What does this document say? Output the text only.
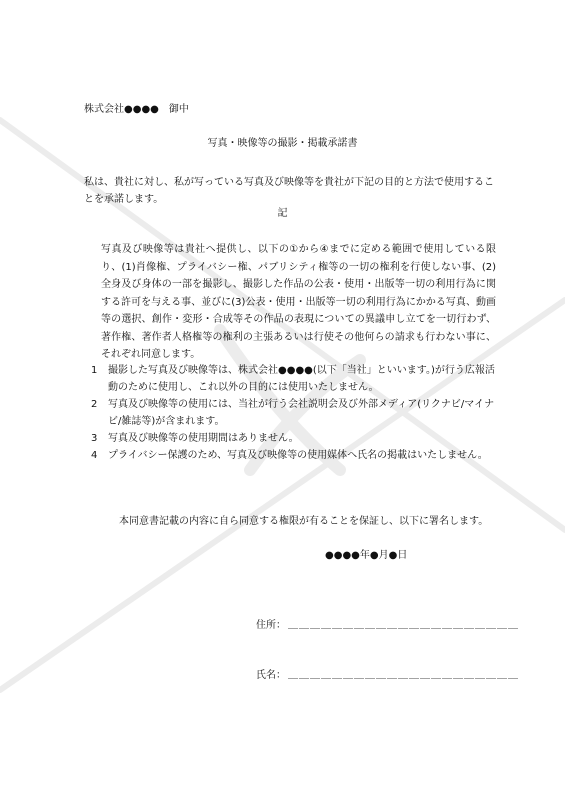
株式会社●●●●　御中
写真・映像等の撮影・掲載承諾書
私は、貴社に対し、私が写っている写真及び映像等を貴社が下記の目的と方法で使用することを承諾します。
記
写真及び映像等は貴社へ提供し、以下の①から④までに定める範囲で使用している限り、(1)肖像権、プライバシー権、パブリシティ権等の一切の権利を行使しない事、(2)全身及び身体の一部を撮影し、撮影した作品の公表・使用・出版等一切の利用行為に関する許可を与える事、並びに(3)公表・使用・出版等一切の利用行為にかかる写真、動画等の選択、創作・変形・合成等その作品の表現についての異議申し立てを一切行わず、著作権、著作者人格権等の権利の主張あるいは行使その他何らの請求も行わない事に、それぞれ同意します。
1	撮影した写真及び映像等は、株式会社●●●●(以下「当社」といいます。)が行う広報活動のために使用し、これ以外の目的には使用いたしません。
2	写真及び映像等の使用には、当社が行う会社説明会及び外部メディア(リクナビ/マイナビ/雑誌等)が含まれます。
3	写真及び映像等の使用期間はありません。
4	プライバシー保護のため、写真及び映像等の使用媒体へ氏名の掲載はいたしません。
本同意書記載の内容に自ら同意する権限が有ることを保証し、以下に署名します。
●●●●年●月●日
住所： ＿＿＿＿＿＿＿＿＿＿＿＿＿＿＿＿＿＿＿＿＿
氏名： ＿＿＿＿＿＿＿＿＿＿＿＿＿＿＿＿＿＿＿＿＿
